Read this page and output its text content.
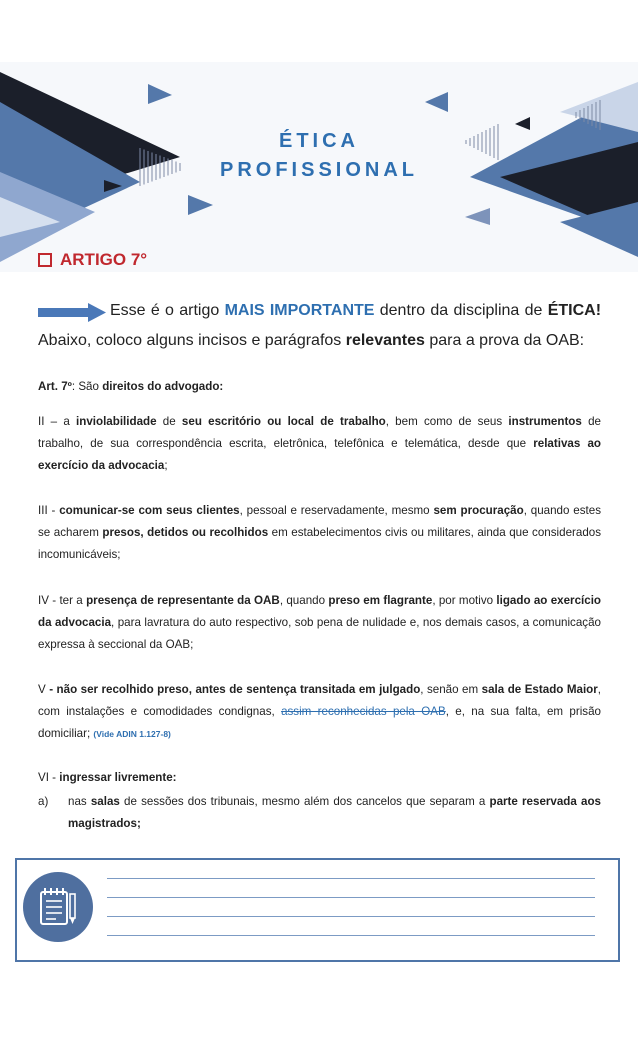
ÉTICA
PROFISSIONAL
ARTIGO 7°
Esse é o artigo MAIS IMPORTANTE dentro da disciplina de ÉTICA!
Abaixo, coloco alguns incisos e parágrafos relevantes para a prova da OAB:
Art. 7º: São direitos do advogado:
II – a inviolabilidade de seu escritório ou local de trabalho, bem como de seus instrumentos de trabalho, de sua correspondência escrita, eletrônica, telefônica e telemática, desde que relativas ao exercício da advocacia;
III - comunicar-se com seus clientes, pessoal e reservadamente, mesmo sem procuração, quando estes se acharem presos, detidos ou recolhidos em estabelecimentos civis ou militares, ainda que considerados incomunicáveis;
IV - ter a presença de representante da OAB, quando preso em flagrante, por motivo ligado ao exercício da advocacia, para lavratura do auto respectivo, sob pena de nulidade e, nos demais casos, a comunicação expressa à seccional da OAB;
V - não ser recolhido preso, antes de sentença transitada em julgado, senão em sala de Estado Maior, com instalações e comodidades condignas, assim reconhecidas pela OAB, e, na sua falta, em prisão domiciliar; (Vide ADIN 1.127-8)
VI - ingressar livremente:
a)	nas salas de sessões dos tribunais, mesmo além dos cancelos que separam a parte reservada aos magistrados;
